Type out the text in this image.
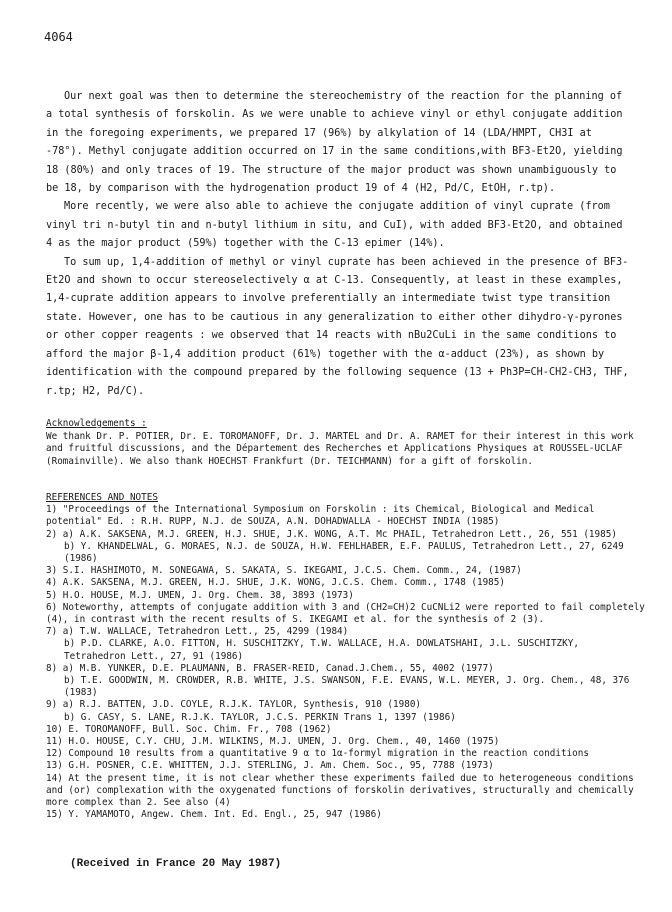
4064

Our next goal was then to determine the stereochemistry of the reaction for the planning of a total synthesis of forskolin. As we were unable to achieve vinyl or ethyl conjugate addition in the foregoing experiments, we prepared 17 (96%) by alkylation of 14 (LDA/HMPT, CH3I at -78°). Methyl conjugate addition occurred on 17 in the same conditions,with BF3-Et2O, yielding 18 (80%) and only traces of 19. The structure of the major product was shown unambiguously to be 18, by comparison with the hydrogenation product 19 of 4 (H2, Pd/C, EtOH, r.tp).

More recently, we were also able to achieve the conjugate addition of vinyl cuprate (from vinyl tri n-butyl tin and n-butyl lithium in situ, and CuI), with added BF3-Et2O, and obtained 4 as the major product (59%) together with the C-13 epimer (14%).

To sum up, 1,4-addition of methyl or vinyl cuprate has been achieved in the presence of BF3-Et2O and shown to occur stereoselectively α at C-13. Consequently, at least in these examples, 1,4-cuprate addition appears to involve preferentially an intermediate twist type transition state. However, one has to be cautious in any generalization to either other dihydro-γ-pyrones or other copper reagents : we observed that 14 reacts with nBu2CuLi in the same conditions to afford the major β-1,4 addition product (61%) together with the α-adduct (23%), as shown by identification with the compound prepared by the following sequence (13 + Ph3P=CH-CH2-CH3, THF, r.tp; H2, Pd/C).

Acknowledgements :
We thank Dr. P. POTIER, Dr. E. TOROMANOFF, Dr. J. MARTEL and Dr. A. RAMET for their interest in this work and fruitful discussions, and the Département des Recherches et Applications Physiques at ROUSSEL-UCLAF (Romainville). We also thank HOECHST Frankfurt (Dr. TEICHMANN) for a gift of forskolin.
REFERENCES AND NOTES
1) "Proceedings of the International Symposium on Forskolin : its Chemical, Biological and Medical potential" Ed. : R.H. RUPP, N.J. de SOUZA, A.N. DOHADWALLA - HOECHST INDIA (1985)
2) a) A.K. SAKSENA, M.J. GREEN, H.J. SHUE, J.K. WONG, A.T. Mc PHAIL, Tetrahedron Lett., 26, 551 (1985)
b) Y. KHANDELWAL, G. MORAES, N.J. de SOUZA, H.W. FEHLHABER, E.F. PAULUS, Tetrahedron Lett., 27, 6249 (1986)
3) S.I. HASHIMOTO, M. SONEGAWA, S. SAKATA, S. IKEGAMI, J.C.S. Chem. Comm., 24, (1987)
4) A.K. SAKSENA, M.J. GREEN, H.J. SHUE, J.K. WONG, J.C.S. Chem. Comm., 1748 (1985)
5) H.O. HOUSE, M.J. UMEN, J. Org. Chem. 38, 3893 (1973)
6) Noteworthy, attempts of conjugate addition with 3 and (CH2=CH)2 CuCNLi2 were reported to fail completely (4), in contrast with the recent results of S. IKEGAMI et al. for the synthesis of 2 (3).
7) a) T.W. WALLACE, Tetrahedron Lett., 25, 4299 (1984)
b) P.D. CLARKE, A.O. FITTON, H. SUSCHITZKY, T.W. WALLACE, H.A. DOWLATSHAHI, J.L. SUSCHITZKY, Tetrahedron Lett., 27, 91 (1986)
8) a) M.B. YUNKER, D.E. PLAUMANN, B. FRASER-REID, Canad.J.Chem., 55, 4002 (1977)
b) T.E. GOODWIN, M. CROWDER, R.B. WHITE, J.S. SWANSON, F.E. EVANS, W.L. MEYER, J. Org. Chem., 48, 376 (1983)
9) a) R.J. BATTEN, J.D. COYLE, R.J.K. TAYLOR, Synthesis, 910 (1980)
b) G. CASY, S. LANE, R.J.K. TAYLOR, J.C.S. PERKIN Trans 1, 1397 (1986)
10) E. TOROMANOFF, Bull. Soc. Chim. Fr., 708 (1962)
11) H.O. HOUSE, C.Y. CHU, J.M. WILKINS, M.J. UMEN, J. Org. Chem., 40, 1460 (1975)
12) Compound 10 results from a quantitative 9 α to 1α-formyl migration in the reaction conditions
13) G.H. POSNER, C.E. WHITTEN, J.J. STERLING, J. Am. Chem. Soc., 95, 7788 (1973)
14) At the present time, it is not clear whether these experiments failed due to heterogeneous conditions and (or) complexation with the oxygenated functions of forskolin derivatives, structurally and chemically more complex than 2. See also (4)
15) Y. YAMAMOTO, Angew. Chem. Int. Ed. Engl., 25, 947 (1986)
(Received in France 20 May 1987)
